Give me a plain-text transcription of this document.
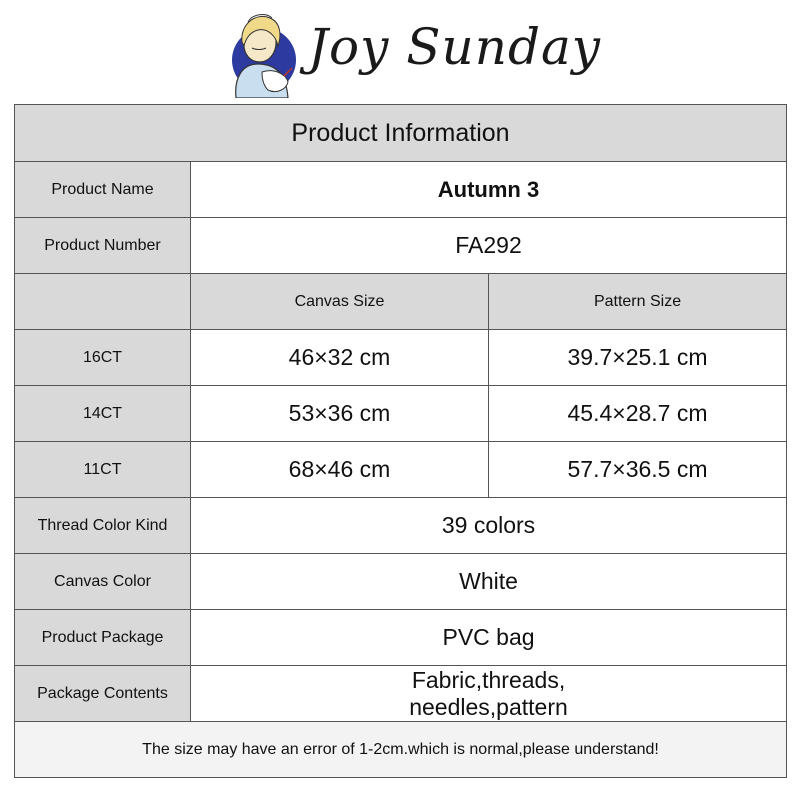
Joy Sunday
Product Information		
Product Name	Autumn 3	
Product Number	FA292	
	Canvas Size	Pattern Size
16CT	46×32 cm	39.7×25.1 cm
14CT	53×36 cm	45.4×28.7 cm
11CT	68×46 cm	57.7×36.5 cm
Thread Color Kind	39 colors	
Canvas Color	White	
Product Package	PVC bag	
Package Contents	Fabric,threads,
needles,pattern	

The size may have an error of 1-2cm.which is normal,please understand!		
